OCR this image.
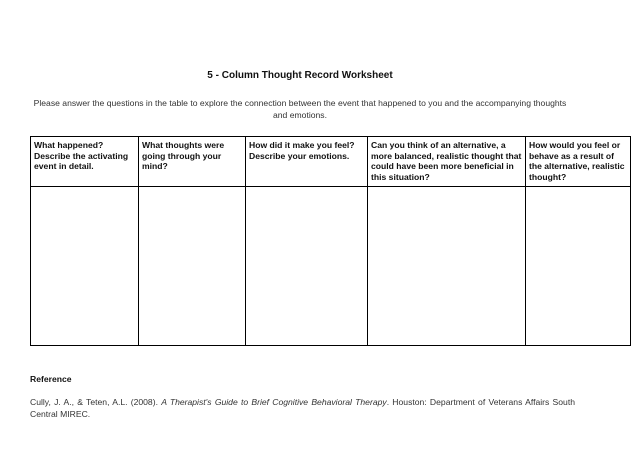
5 - Column Thought Record Worksheet
Please answer the questions in the table to explore the connection between the event that happened to you and the accompanying thoughts and emotions.
What happened? Describe the activating event in detail.	What thoughts were going through your mind?	How did it make you feel? Describe your emotions.	Can you think of an alternative, a more balanced, realistic thought that could have been more beneficial in this situation?	How would you feel or behave as a result of the alternative, realistic thought?

Reference
Cully, J. A., & Teten, A.L. (2008). A Therapist's Guide to Brief Cognitive Behavioral Therapy. Houston: Department of Veterans Affairs South Central MIREC.
